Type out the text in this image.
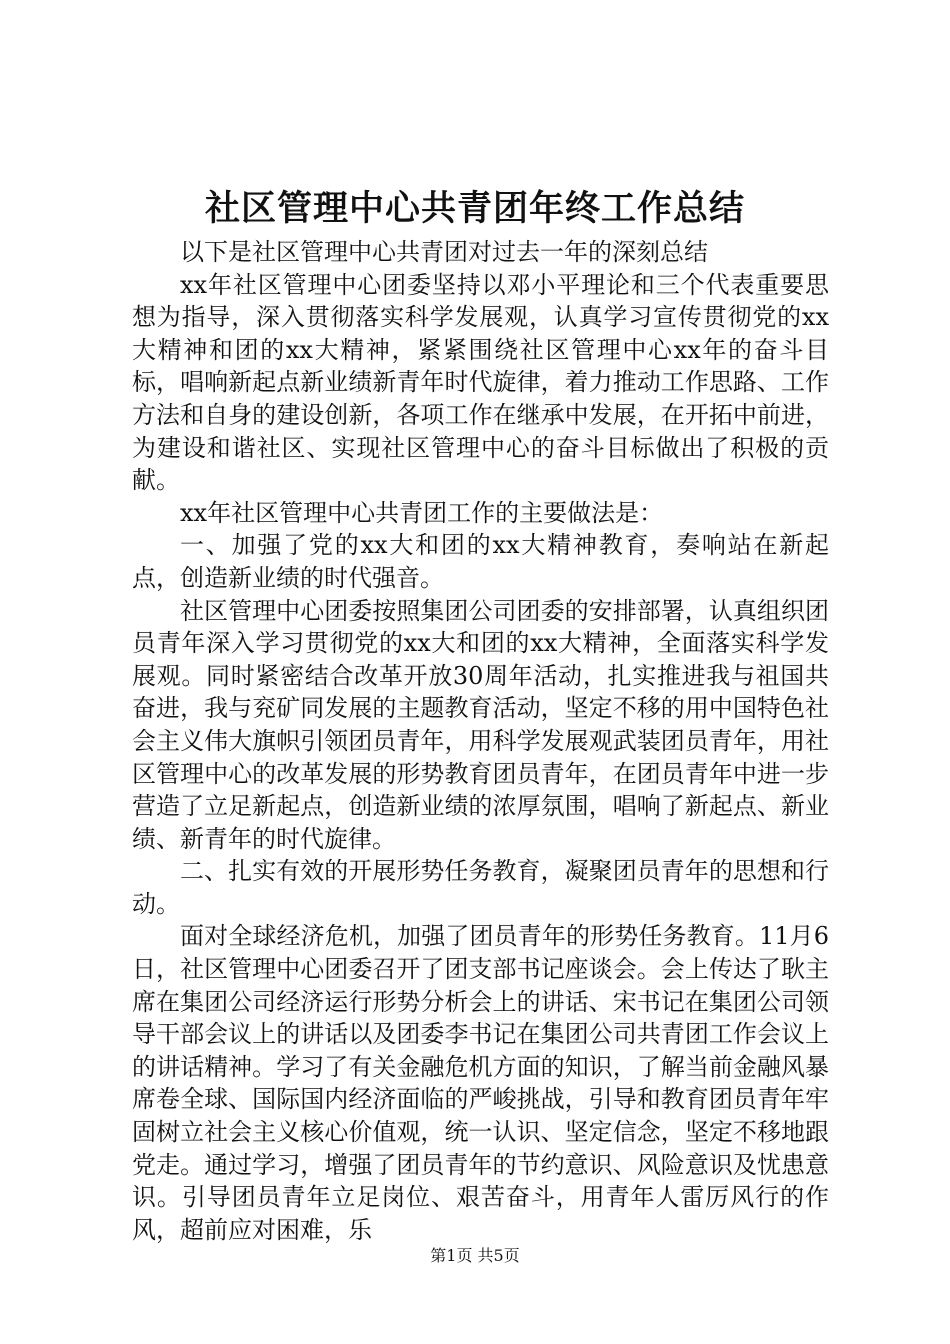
社区管理中心共青团年终工作总结

以下是社区管理中心共青团对过去一年的深刻总结

xx年社区管理中心团委坚持以邓小平理论和三个代表重要思想为指导，深入贯彻落实科学发展观，认真学习宣传贯彻党的xx大精神和团的xx大精神，紧紧围绕社区管理中心xx年的奋斗目标，唱响新起点新业绩新青年时代旋律，着力推动工作思路、工作方法和自身的建设创新，各项工作在继承中发展，在开拓中前进，为建设和谐社区、实现社区管理中心的奋斗目标做出了积极的贡献。

xx年社区管理中心共青团工作的主要做法是：

一、加强了党的xx大和团的xx大精神教育，奏响站在新起点，创造新业绩的时代强音。

社区管理中心团委按照集团公司团委的安排部署，认真组织团员青年深入学习贯彻党的xx大和团的xx大精神，全面落实科学发展观。同时紧密结合改革开放30周年活动，扎实推进我与祖国共奋进，我与兖矿同发展的主题教育活动，坚定不移的用中国特色社会主义伟大旗帜引领团员青年，用科学发展观武装团员青年，用社区管理中心的改革发展的形势教育团员青年，在团员青年中进一步营造了立足新起点，创造新业绩的浓厚氛围，唱响了新起点、新业绩、新青年的时代旋律。

二、扎实有效的开展形势任务教育，凝聚团员青年的思想和行动。

面对全球经济危机，加强了团员青年的形势任务教育。11月6日，社区管理中心团委召开了团支部书记座谈会。会上传达了耿主席在集团公司经济运行形势分析会上的讲话、宋书记在集团公司领导干部会议上的讲话以及团委李书记在集团公司共青团工作会议上的讲话精神。学习了有关金融危机方面的知识，了解当前金融风暴席卷全球、国际国内经济面临的严峻挑战，引导和教育团员青年牢固树立社会主义核心价值观，统一认识、坚定信念，坚定不移地跟党走。通过学习，增强了团员青年的节约意识、风险意识及忧患意识。引导团员青年立足岗位、艰苦奋斗，用青年人雷厉风行的作风，超前应对困难，乐

第1页 共5页
